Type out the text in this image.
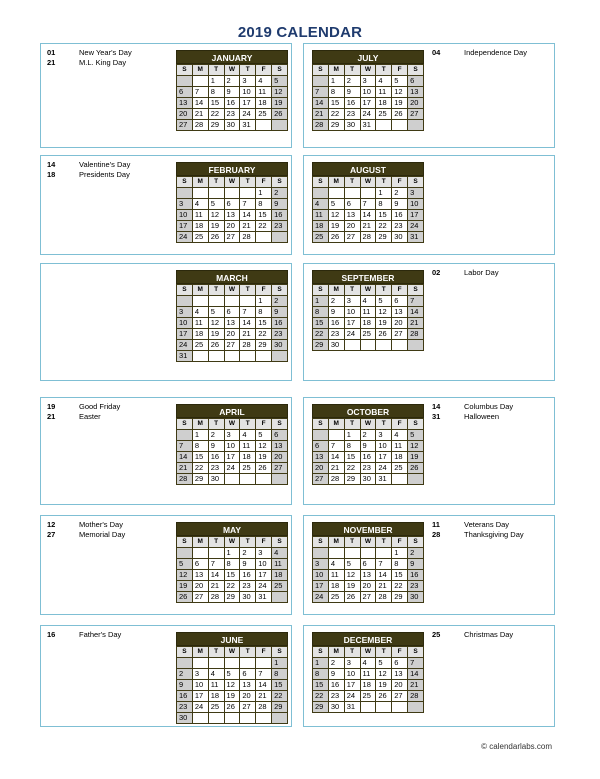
2019 CALENDAR
JANUARY
S	M	T	W	T	F	S
		1	2	3	4	5
6	7	8	9	10	11	12
13	14	15	16	17	18	19
20	21	22	23	24	25	26
27	28	29	30	31		
01	New Year's Day
21	M.L. King Day	JULY
S	M	T	W	T	F	S
	1	2	3	4	5	6
7	8	9	10	11	12	13
14	15	16	17	18	19	20
21	22	23	24	25	26	27
28	29	30	31			
04	Independence Day
FEBRUARY
S	M	T	W	T	F	S
					1	2
3	4	5	6	7	8	9
10	11	12	13	14	15	16
17	18	19	20	21	22	23
24	25	26	27	28		
14	Valentine's Day
18	Presidents Day	AUGUST
S	M	T	W	T	F	S
				1	2	3
4	5	6	7	8	9	10
11	12	13	14	15	16	17
18	19	20	21	22	23	24
25	26	27	28	29	30	31
MARCH
S	M	T	W	T	F	S
					1	2
3	4	5	6	7	8	9
10	11	12	13	14	15	16
17	18	19	20	21	22	23
24	25	26	27	28	29	30
31						
SEPTEMBER
S	M	T	W	T	F	S
1	2	3	4	5	6	7
8	9	10	11	12	13	14
15	16	17	18	19	20	21
22	23	24	25	26	27	28
29	30					
02	Labor Day
APRIL
S	M	T	W	T	F	S
	1	2	3	4	5	6
7	8	9	10	11	12	13
14	15	16	17	18	19	20
21	22	23	24	25	26	27
28	29	30				
19	Good Friday
21	Easter	OCTOBER
S	M	T	W	T	F	S
		1	2	3	4	5
6	7	8	9	10	11	12
13	14	15	16	17	18	19
20	21	22	23	24	25	26
27	28	29	30	31		
14	Columbus Day
31	Halloween
MAY
S	M	T	W	T	F	S
			1	2	3	4
5	6	7	8	9	10	11
12	13	14	15	16	17	18
19	20	21	22	23	24	25
26	27	28	29	30	31	
12	Mother's Day
27	Memorial Day	NOVEMBER
S	M	T	W	T	F	S
					1	2
3	4	5	6	7	8	9
10	11	12	13	14	15	16
17	18	19	20	21	22	23
24	25	26	27	28	29	30
11	Veterans Day
28	Thanksgiving Day
JUNE
S	M	T	W	T	F	S
						1
2	3	4	5	6	7	8
9	10	11	12	13	14	15
16	17	18	19	20	21	22
23	24	25	26	27	28	29
30						
16	Father's Day
DECEMBER
S	M	T	W	T	F	S
1	2	3	4	5	6	7
8	9	10	11	12	13	14
15	16	17	18	19	20	21
22	23	24	25	26	27	28
29	30	31				
25	Christmas Day
© calendarlabs.com
